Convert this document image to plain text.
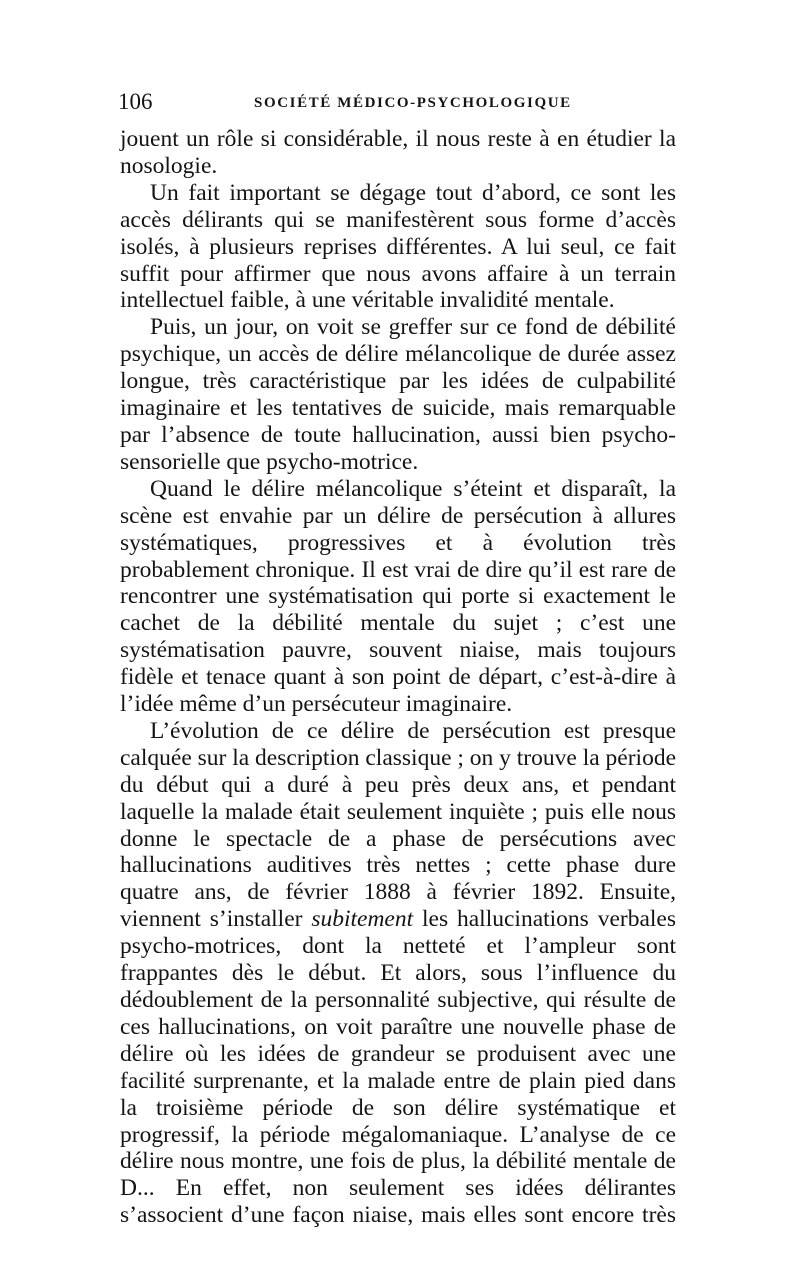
106	SOCIÉTÉ MÉDICO-PSYCHOLOGIQUE

jouent un rôle si considérable, il nous reste à en étudier la nosologie.

Un fait important se dégage tout d’abord, ce sont les accès délirants qui se manifestèrent sous forme d’accès isolés, à plusieurs reprises différentes. A lui seul, ce fait suffit pour affirmer que nous avons affaire à un terrain intellectuel faible, à une véritable invalidité mentale.

Puis, un jour, on voit se greffer sur ce fond de débilité psychique, un accès de délire mélancolique de durée assez longue, très caractéristique par les idées de culpabilité imaginaire et les tentatives de suicide, mais remarquable par l’absence de toute hallucination, aussi bien psycho-sensorielle que psycho-motrice.

Quand le délire mélancolique s’éteint et disparaît, la scène est envahie par un délire de persécution à allures systématiques, progressives et à évolution très probablement chronique. Il est vrai de dire qu’il est rare de rencontrer une systématisation qui porte si exactement le cachet de la débilité mentale du sujet ; c’est une systématisation pauvre, souvent niaise, mais toujours fidèle et tenace quant à son point de départ, c’est-à-dire à l’idée même d’un persécuteur imaginaire.

L’évolution de ce délire de persécution est presque calquée sur la description classique ; on y trouve la période du début qui a duré à peu près deux ans, et pendant laquelle la malade était seulement inquiète ; puis elle nous donne le spectacle de a phase de persécutions avec hallucinations auditives très nettes ; cette phase dure quatre ans, de février 1888 à février 1892. Ensuite, viennent s’installer subitement les hallucinations verbales psycho-motrices, dont la netteté et l’ampleur sont frappantes dès le début. Et alors, sous l’influence du dédoublement de la personnalité subjective, qui résulte de ces hallucinations, on voit paraître une nouvelle phase de délire où les idées de grandeur se produisent avec une facilité surprenante, et la malade entre de plain pied dans la troisième période de son délire systématique et progressif, la période mégalomaniaque. L’analyse de ce délire nous montre, une fois de plus, la débilité mentale de D... En effet, non seulement ses idées délirantes s’associent d’une façon niaise, mais elles sont encore très
